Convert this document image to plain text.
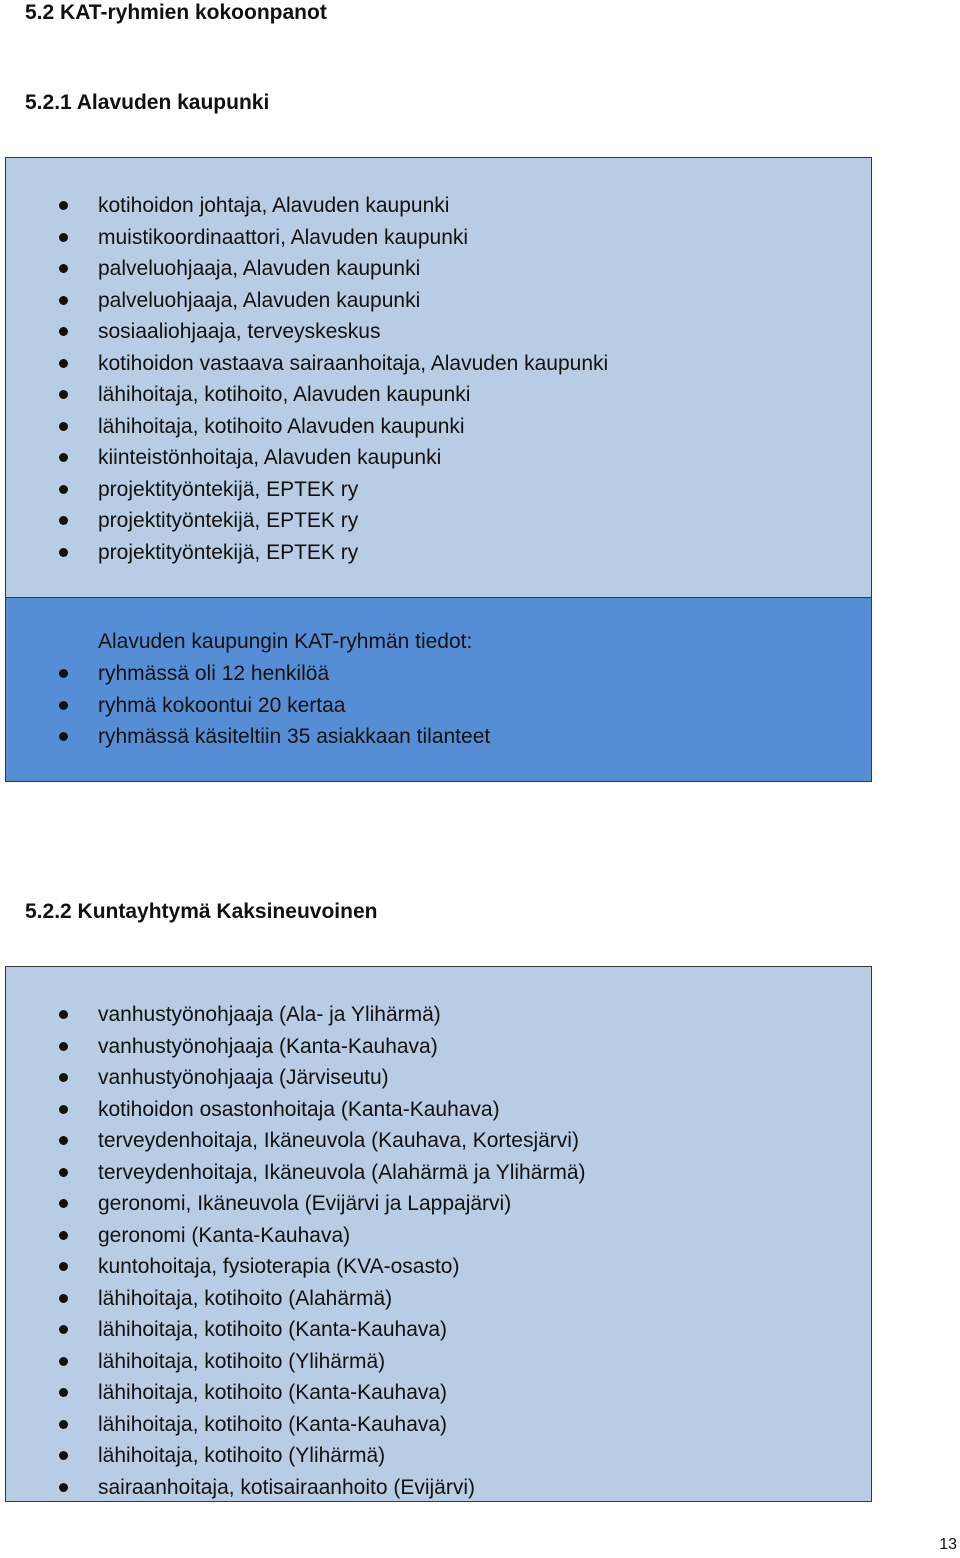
5.2 KAT-ryhmien kokoonpanot
5.2.1 Alavuden kaupunki
kotihoidon johtaja, Alavuden kaupunki
muistikoordinaattori, Alavuden kaupunki
palveluohjaaja, Alavuden kaupunki
palveluohjaaja, Alavuden kaupunki
sosiaaliohjaaja, terveyskeskus
kotihoidon vastaava sairaanhoitaja, Alavuden kaupunki
lähihoitaja, kotihoito, Alavuden kaupunki
lähihoitaja, kotihoito Alavuden kaupunki
kiinteistönhoitaja, Alavuden kaupunki
projektityöntekijä, EPTEK ry
projektityöntekijä, EPTEK ry
projektityöntekijä, EPTEK ry
Alavuden kaupungin KAT-ryhmän tiedot:
ryhmässä oli 12 henkilöä
ryhmä kokoontui 20 kertaa
ryhmässä käsiteltiin 35 asiakkaan tilanteet
5.2.2 Kuntayhtymä Kaksineuvoinen
vanhustyönohjaaja (Ala- ja Ylihärmä)
vanhustyönohjaaja (Kanta-Kauhava)
vanhustyönohjaaja (Järviseutu)
kotihoidon osastonhoitaja (Kanta-Kauhava)
terveydenhoitaja, Ikäneuvola (Kauhava, Kortesjärvi)
terveydenhoitaja, Ikäneuvola (Alahärmä ja Ylihärmä)
geronomi, Ikäneuvola (Evijärvi ja Lappajärvi)
geronomi (Kanta-Kauhava)
kuntohoitaja, fysioterapia (KVA-osasto)
lähihoitaja, kotihoito (Alahärmä)
lähihoitaja, kotihoito (Kanta-Kauhava)
lähihoitaja, kotihoito (Ylihärmä)
lähihoitaja, kotihoito (Kanta-Kauhava)
lähihoitaja, kotihoito (Kanta-Kauhava)
lähihoitaja, kotihoito (Ylihärmä)
sairaanhoitaja, kotisairaanhoito (Evijärvi)
13
